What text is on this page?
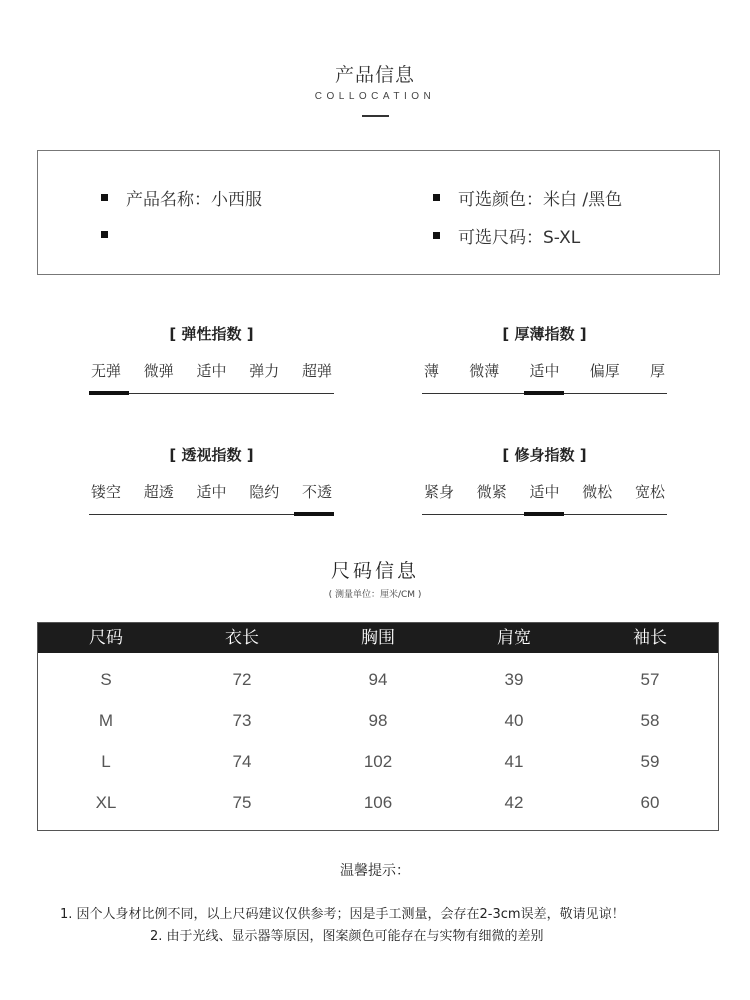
产品信息
COLLOCATION
产品名称：小西服	可选颜色：米白 /黑色
可选尺码：S-XL
[ 弹性指数 ]
无弹 微弹 适中 弹力 超弹
[ 厚薄指数 ]
薄 微薄 适中 偏厚 厚
[ 透视指数 ]
镂空 超透 适中 隐约 不透
[ 修身指数 ]
紧身 微紧 适中 微松 宽松
尺码信息
( 测量单位：厘米/CM )
尺码	衣长	胸围	肩宽	袖长
S	72	94	39	57
M	73	98	40	58
L	74	102	41	59
XL	75	106	42	60
温馨提示：
1. 因个人身材比例不同，以上尺码建议仅供参考；因是手工测量，会存在2-3cm误差，敬请见谅！
2. 由于光线、显示器等原因，图案颜色可能存在与实物有细微的差别
